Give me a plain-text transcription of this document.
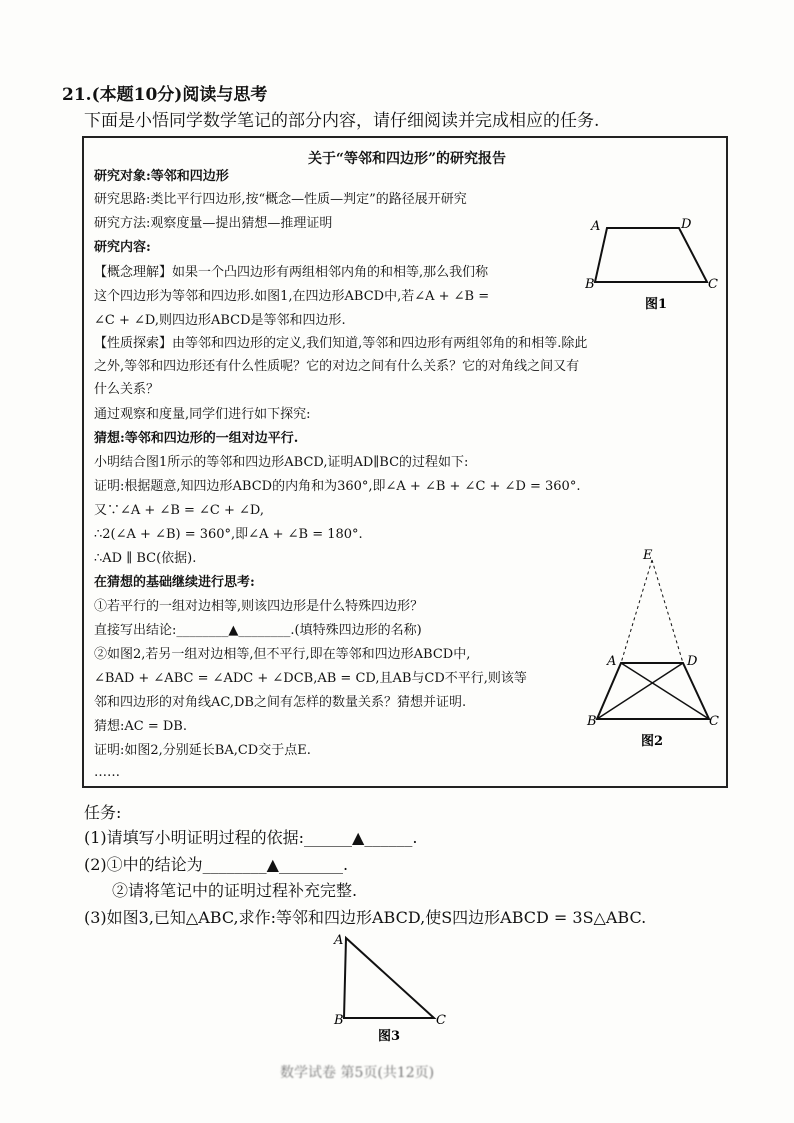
21.(本题10分)阅读与思考
下面是小悟同学数学笔记的部分内容，请仔细阅读并完成相应的任务.
关于“等邻和四边形”的研究报告
研究对象:等邻和四边形
研究思路:类比平行四边形,按“概念—性质—判定”的路径展开研究
研究方法:观察度量—提出猜想—推理证明
研究内容:
【概念理解】如果一个凸四边形有两组相邻内角的和相等,那么我们称
这个四边形为等邻和四边形.如图1,在四边形ABCD中,若∠A + ∠B =
∠C + ∠D,则四边形ABCD是等邻和四边形.
【性质探索】由等邻和四边形的定义,我们知道,等邻和四边形有两组邻角的和相等.除此
之外,等邻和四边形还有什么性质呢？它的对边之间有什么关系？它的对角线之间又有
什么关系？
通过观察和度量,同学们进行如下探究:
猜想:等邻和四边形的一组对边平行.
小明结合图1所示的等邻和四边形ABCD,证明AD∥BC的过程如下:
证明:根据题意,知四边形ABCD的内角和为360°,即∠A + ∠B + ∠C + ∠D = 360°.
又∵∠A + ∠B = ∠C + ∠D,
∴2(∠A + ∠B) = 360°,即∠A + ∠B = 180°.
∴AD ∥ BC(依据).
在猜想的基础继续进行思考:
①若平行的一组对边相等,则该四边形是什么特殊四边形？
直接写出结论:________▲________.(填特殊四边形的名称)
②如图2,若另一组对边相等,但不平行,即在等邻和四边形ABCD中,
∠BAD + ∠ABC = ∠ADC + ∠DCB,AB = CD,且AB与CD不平行,则该等
邻和四边形的对角线AC,DB之间有怎样的数量关系？猜想并证明.
猜想:AC = DB.
证明:如图2,分别延长BA,CD交于点E.
……
A	D
B	C
图1
E
A	D
B	C
图2
任务:
(1)请填写小明证明过程的依据:______▲______.
(2)①中的结论为________▲________.
②请将笔记中的证明过程补充完整.
(3)如图3,已知△ABC,求作:等邻和四边形ABCD,使S四边形ABCD = 3S△ABC.
A
B	C
图3
数学试卷 第5页(共12页)
